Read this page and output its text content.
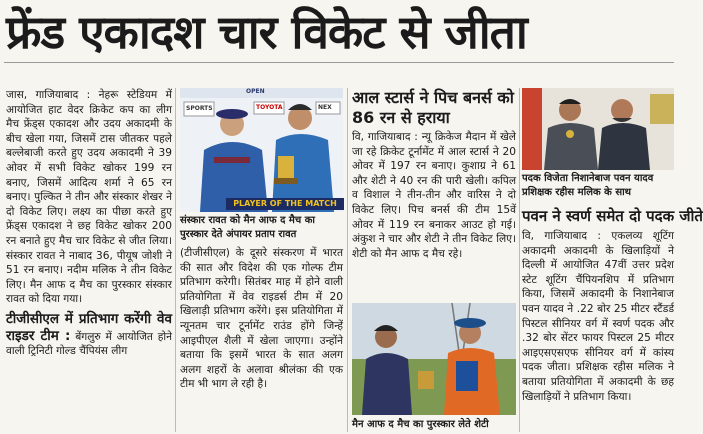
फ्रेंड एकादश चार विकेट से जीता

जास, गाजियाबाद : नेहरू स्टेडियम में आयोजित हाट वेदर क्रिकेट कप का लीग मैच फ्रेंड्स एकादश और उदय अकादमी के बीच खेला गया, जिसमें टास जीतकर पहले बल्लेबाजी करते हुए उदय अकादमी ने 39 ओवर में सभी विकेट खोकर 199 रन बनाए, जिसमें आदित्य शर्मा ने 65 रन बनाए। पुल्कित ने तीन और संस्कार शेखर ने दो विकेट लिए। लक्ष्य का पीछा करते हुए फ्रेंड्स एकादश ने छह विकेट खोकर 200 रन बनाते हुए मैच चार विकेट से जीत लिया। संस्कार रावत ने नाबाद 36, पीयूष जोशी ने 51 रन बनाए। नदीम मलिक ने तीन विकेट लिए। मैन आफ द मैच का पुरस्कार संस्कार रावत को दिया गया।

टीजीसीएल में प्रतिभाग करेंगी वेव राइडर टीम : बेंगलुरु में आयोजित होने वाली ट्रिनिटी गोल्ड चैंपियंस लीग

OPEN
TOYOTA	NEX
SPORTS
PLAYER OF THE MATCH
संस्कार रावत को मैन आफ द मैच का पुरस्कार देते अंपायर प्रताप रावत

(टीजीसीएल) के दूसरे संस्करण में भारत की सात और विदेश की एक गोल्फ टीम प्रतिभाग करेगी। सितंबर माह में होने वाली प्रतियोगिता में वेव राइडर्स टीम में 20 खिलाड़ी प्रतिभाग करेंगे। इस प्रतियोगिता में न्यूनतम चार टूर्नामेंट राउंड होंगे जिन्हें आइपीएल शैली में खेला जाएगा। उन्होंने बताया कि इसमें भारत के सात अलग अलग शहरों के अलावा श्रीलंका की एक टीम भी भाग ले रही है।

आल स्टार्स ने पिच बनर्स को 86 रन से हराया

वि, गाजियाबाद : न्यू क्रिकेज मैदान में खेले जा रहे क्रिकेट टूर्नामेंट में आल स्टार्स ने 20 ओवर में 197 रन बनाए। कुशाग्र ने 61 और शेटी ने 40 रन की पारी खेली। कपिल व विशाल ने तीन-तीन और वारिस ने दो विकेट लिए। पिच बनर्स की टीम 15वें ओवर में 119 रन बनाकर आउट हो गई। अंकुश ने चार और शेटी ने तीन विकेट लिए। शेटी को मैन आफ द मैच रहे।

मैन आफ द मैच का पुरस्कार लेते शेटी
पदक विजेता निशानेबाज पवन यादव प्रशिक्षक रहीस मलिक के साथ
पवन ने स्वर्ण समेत दो पदक जीते

वि, गाजियाबाद : एकलव्य शूटिंग अकादमी अकादमी के खिलाड़ियों ने दिल्ली में आयोजित 47वीं उत्तर प्रदेश स्टेट शूटिंग चैंपियनशिप में प्रतिभाग किया, जिसमें अकादमी के निशानेबाज पवन यादव ने .22 बोर 25 मीटर स्टैंडर्ड पिस्टल सीनियर वर्ग में स्वर्ण पदक और .32 बोर सेंटर फायर पिस्टल 25 मीटर आइएसएसएफ सीनियर वर्ग में कांस्य पदक जीता। प्रशिक्षक रहीस मलिक ने बताया प्रतियोगिता में अकादमी के छह खिलाड़ियों ने प्रतिभाग किया।
